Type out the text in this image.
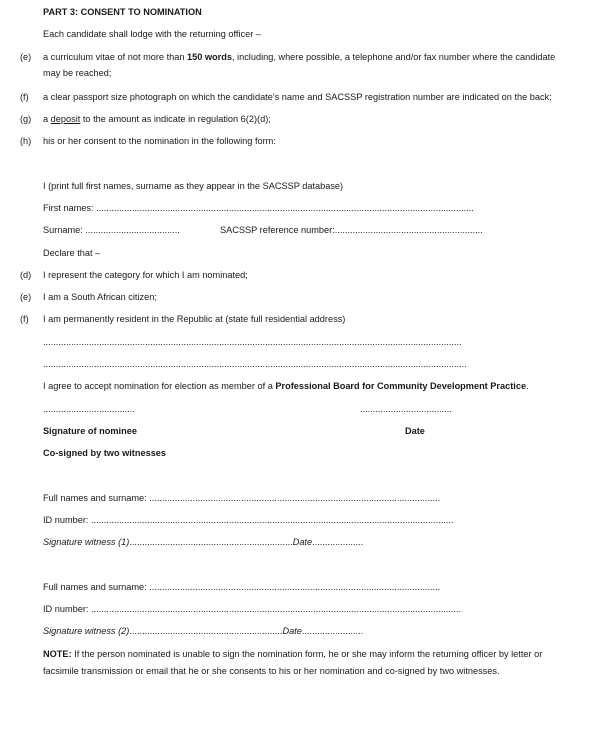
PART 3: CONSENT TO NOMINATION
Each candidate shall lodge with the returning officer –
(e) a curriculum vitae of not more than 150 words, including, where possible, a telephone and/or fax number where the candidate
may be reached;
(f) a clear passport size photograph on which the candidate's name and SACSSP registration number are indicated on the back;
(g) a deposit to the amount as indicate in regulation 6(2)(d);
(h) his or her consent to the nomination in the following form:
I (print full first names, surname as they appear in the SACSSP database)
First names: ....................................................................................................................................................
Surname: .....................................	SACSSP reference number:..........................................................
Declare that –
(d) I represent the category for which I am nominated;
(e) I am a South African citizen;
(f) I am permanently resident in the Republic at (state full residential address)
....................................................................................................................................................................
......................................................................................................................................................................
I agree to accept nomination for election as member of a Professional Board for Community Development Practice.
....................................	....................................
Signature of nominee	Date
Co-signed by two witnesses
Full names and surname: ..................................................................................................................
ID number: ..............................................................................................................................................
Signature witness (1)................................................................Date....................
Full names and surname: ..................................................................................................................
ID number: .................................................................................................................................................
Signature witness (2)............................................................Date........................
NOTE: If the person nominated is unable to sign the nomination form, he or she may inform the returning officer by letter or
facsimile transmission or email that he or she consents to his or her nomination and co-signed by two witnesses.
